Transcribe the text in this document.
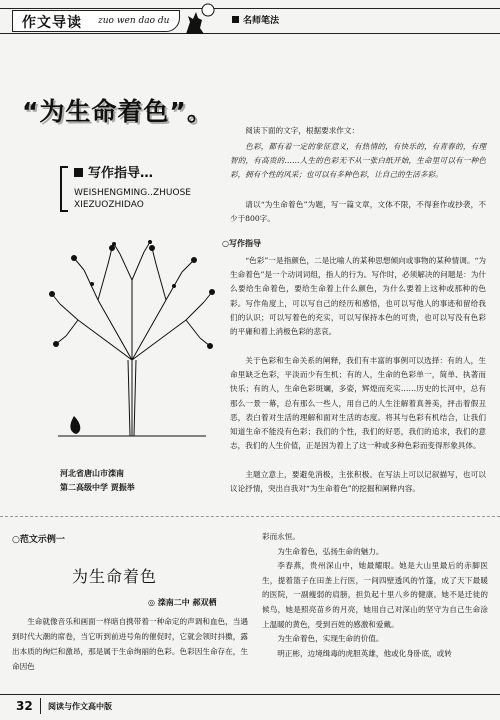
作文导读 zuo wen dao du	名师笔法
“为生命着色”。
写作指导…
WEISHENGMING..ZHUOSE
XIEZUOZHIDAO
河北省唐山市滦南
第二高级中学 贾振举
阅读下面的文字，根据要求作文：
色彩，都有着一定的象征意义，有热情的，有快乐的，有青春的，有理智的，有高贵的……人生的色彩无不从一张白纸开始，生命里可以有一种色彩，拥有个性的风采；也可以有多种色彩，让自己的生活多彩。
请以“为生命着色”为题，写一篇文章，文体不限，不得套作或抄袭，不少于800字。
○写作指导
“色彩”一是指颜色，二是比喻人的某种思想倾向或事物的某种情调。“为生命着色”是一个动词词组，指人的行为。写作时，必须解决的问题是：为什么要给生命着色，要给生命着上什么颜色，为什么要着上这种或那种的色彩。写作角度上，可以写自己的经历和感悟，也可以写他人的事迹和留给我们的认识；可以写着色的充实，可以写保持本色的可贵，也可以写没有色彩的平庸和着上消极色彩的悲哀。
关于色彩和生命关系的阐释，我们有丰富的事例可以选择：有的人，生命里缺乏色彩，平淡而少有生机；有的人，生命的色彩单一，简单、执著而快乐；有的人，生命色彩斑斓，多姿，辉煌而充实……历史的长河中，总有那么一景一幕，总有那么一些人，用自己的人生注解着真善美，抨击着假丑恶，表白着对生活的理解和面对生活的态度。将其与色彩有机结合，让我们知道生命不能没有色彩；我们的个性，我们的好恶，我们的追求，我们的意志，我们的人生价值，正是因为着上了这一种或多种色彩而变得形象具体。
主题立意上，要避免消极，主张积极。在写法上可以记叙描写，也可以议论抒情，突出自我对“为生命着色”的挖掘和阐释内容。
○范文示例一
为生命着色
◎ 滦南二中 郝双栖
生命就像音乐和画面一样暗自携带着一种命定的声调和血色，当遇到时代大潮的席卷，当它听到前进号角的催促时，它就会领时抖擞，露出本质的绚烂和激昂，那是属于生命绚丽的色彩。色彩因生命存在，生命因色

彩而永恒。

为生命着色，弘扬生命的魅力。

李春燕，贵州深山中，她最耀眼。她是大山里最后的赤脚医生，提着篮子在田垄上行医，一间四壁透风的竹篷，成了天下最暖的医院，一副瘦弱的肩膀，担负起十里八乡的健康。她不是迁徙的候鸟，她是照亮苗乡的月亮，她用自己对深山的坚守为自己生命涂上温暖的黄色，受到百姓的感激和爱戴。

为生命着色，实现生命的价值。

明正彬，边境缉毒的虎胆英雄，他或化身卧底，或转

32 阅读与作文高中版
